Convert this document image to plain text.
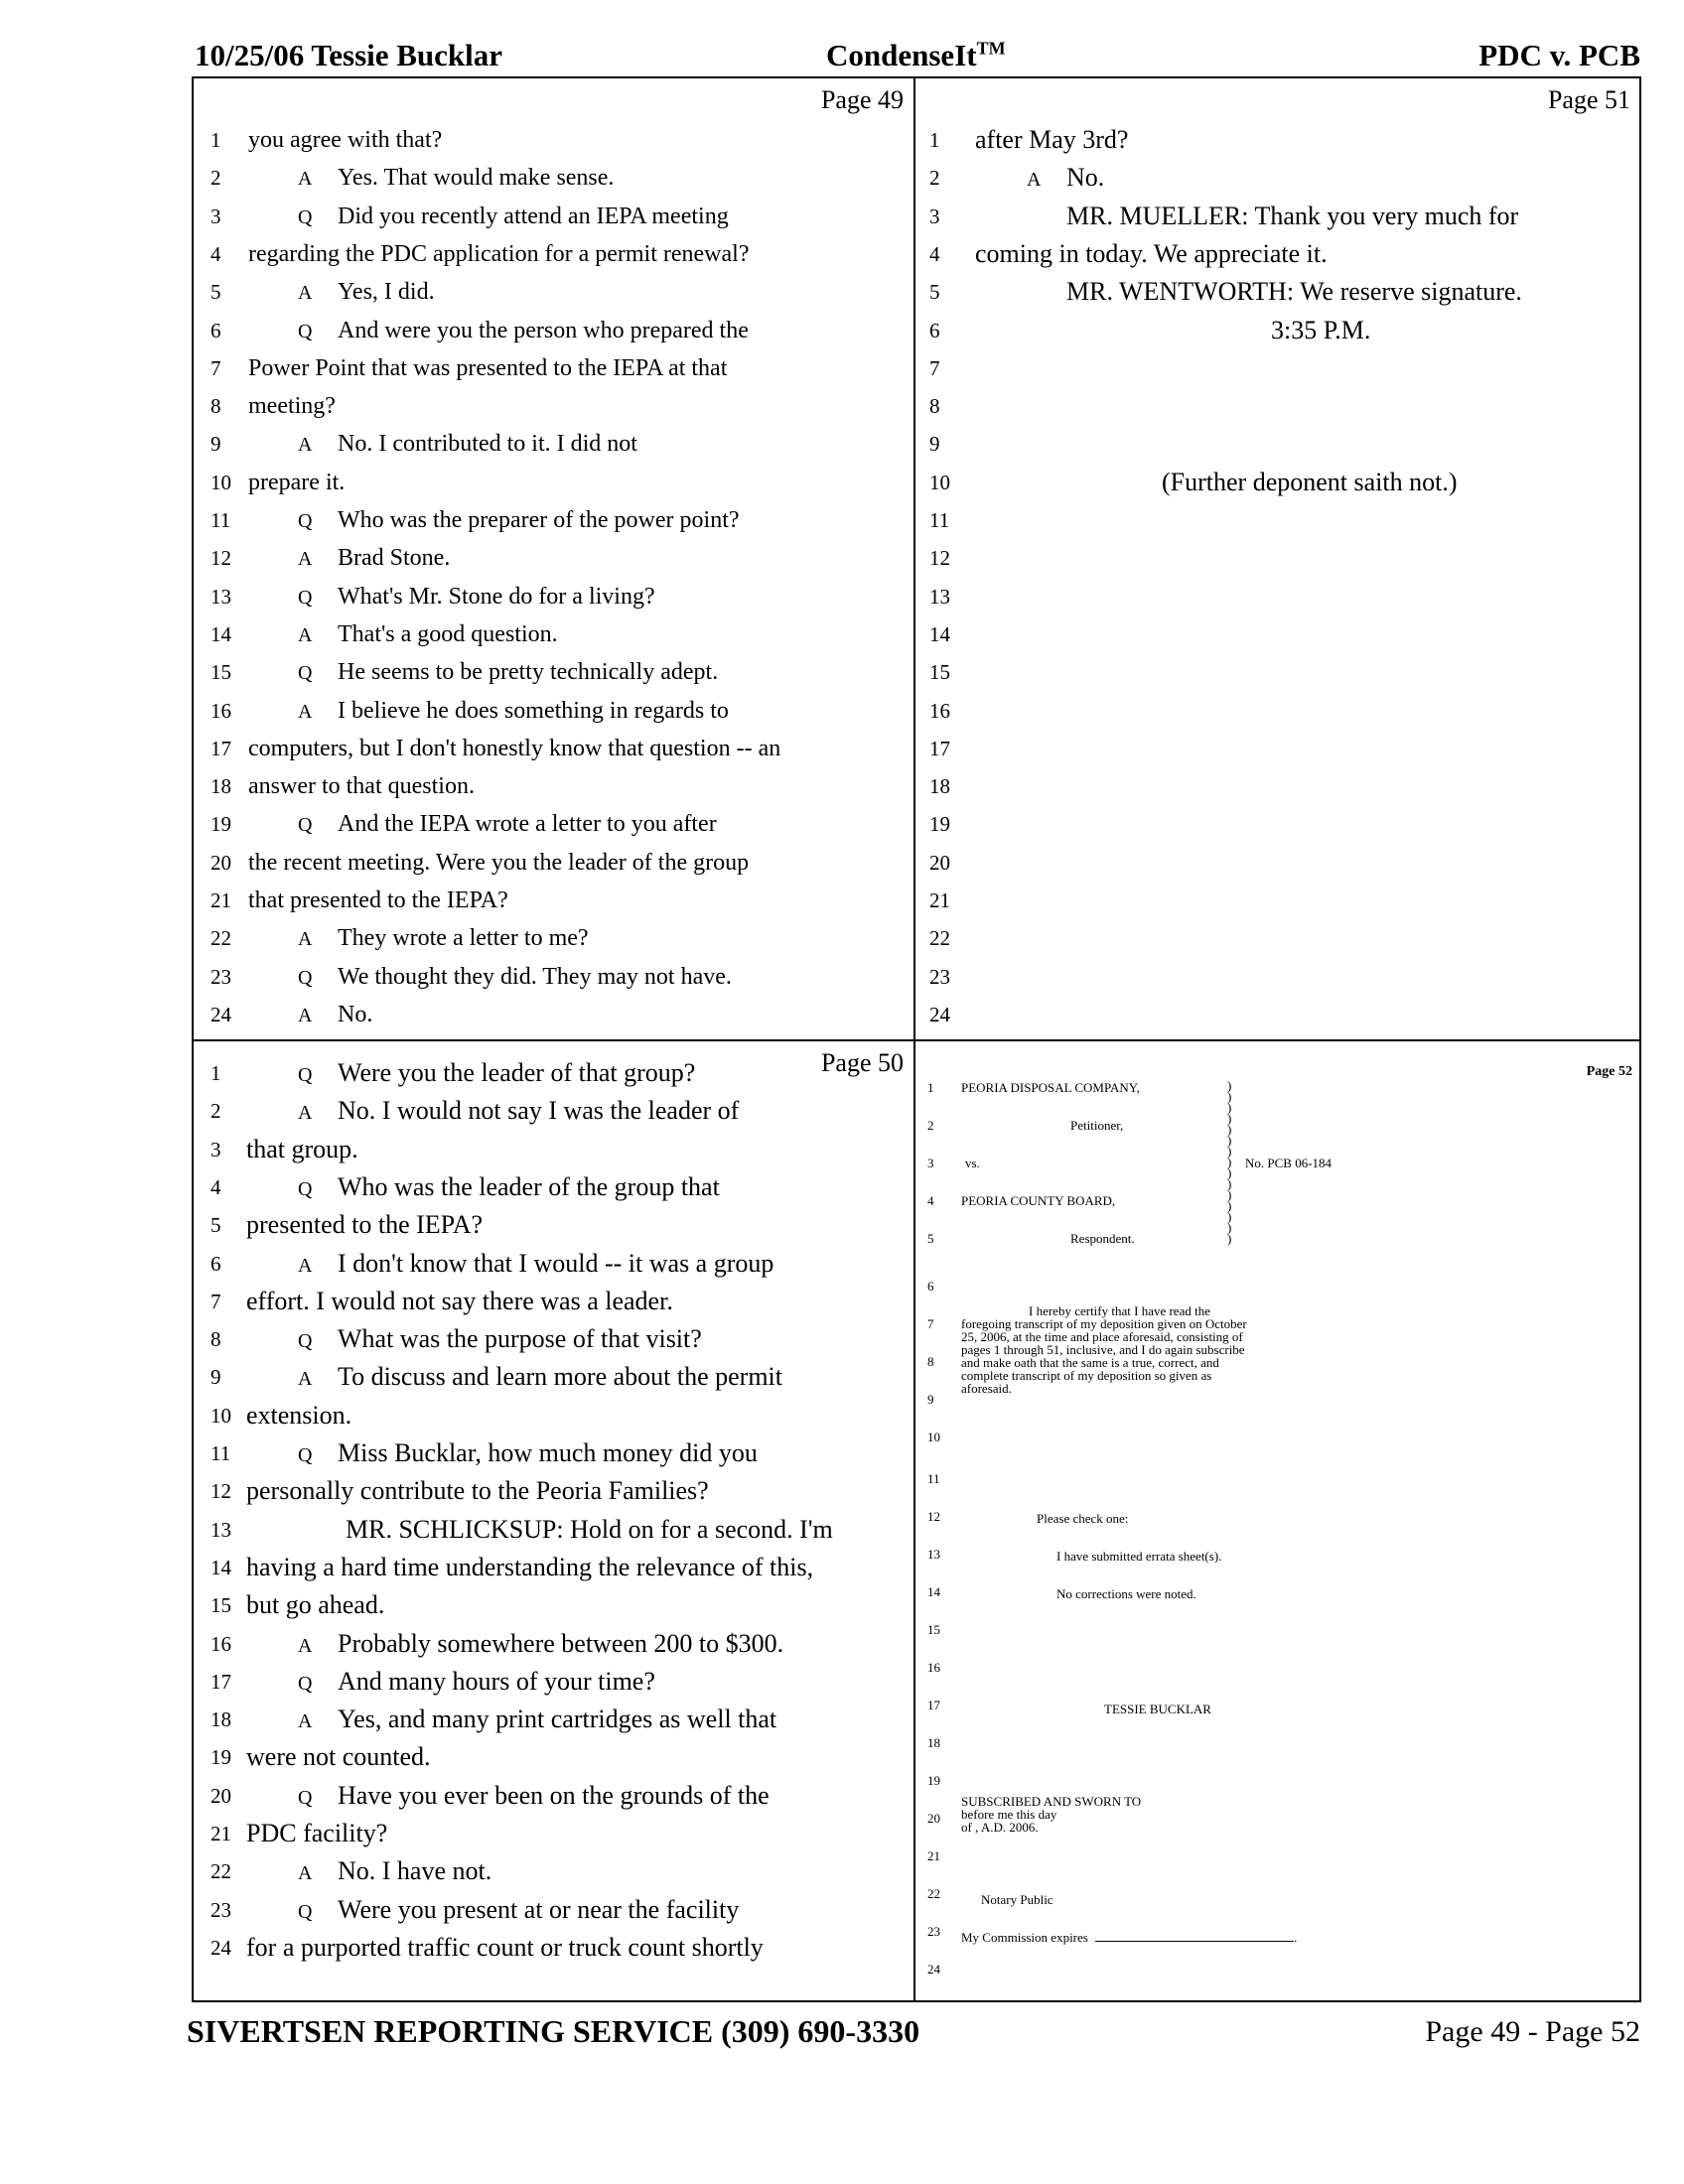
10/25/06 Tessie Bucklar	CondenseIt™	PDC v. PCB
Page 49
1	you agree with that?
2	A Yes. That would make sense.
3	Q Did you recently attend an IEPA meeting
4	regarding the PDC application for a permit renewal?
5	A Yes, I did.
6	Q And were you the person who prepared the
7	Power Point that was presented to the IEPA at that
8	meeting?
9	A No. I contributed to it. I did not
10 prepare it.
11	Q Who was the preparer of the power point?
12	A Brad Stone.
13	Q What's Mr. Stone do for a living?
14	A That's a good question.
15	Q He seems to be pretty technically adept.
16	A I believe he does something in regards to
17 computers, but I don't honestly know that question -- an
18 answer to that question.
19	Q And the IEPA wrote a letter to you after
20 the recent meeting. Were you the leader of the group
21 that presented to the IEPA?
22	A They wrote a letter to me?
23	Q We thought they did. They may not have.
24	A No.
Page 51
1	after May 3rd?
2	A No.
3	MR. MUELLER: Thank you very much for
4	coming in today. We appreciate it.
5	MR. WENTWORTH: We reserve signature.
6	3:35 P.M.
7
8
9
10	(Further deponent saith not.)
11
12
13
14
15
16
17
18
19
20
21
22
23
24
Page 50
1	Q Were you the leader of that group?
2	A No. I would not say I was the leader of
3 that group.
4	Q Who was the leader of the group that
5 presented to the IEPA?
6	A I don't know that I would -- it was a group
7 effort. I would not say there was a leader.
8	Q What was the purpose of that visit?
9	A To discuss and learn more about the permit
10 extension.
11	Q Miss Bucklar, how much money did you
12 personally contribute to the Peoria Families?
13	MR. SCHLICKSUP: Hold on for a second. I'm
14 having a hard time understanding the relevance of this,
15 but go ahead.
16	A Probably somewhere between 200 to $300.
17	Q And many hours of your time?
18	A Yes, and many print cartridges as well that
19 were not counted.
20	Q Have you ever been on the grounds of the
21 PDC facility?
22	A No. I have not.
23	Q Were you present at or near the facility
24 for a purported traffic count or truck count shortly
Page 52
1
2
3
4
5
6
7
8
9
10
11
12
13
14
15
16
17
18
19
20
21
22
23
24
PEORIA DISPOSAL COMPANY,
Petitioner,
vs.	No. PCB 06-184
PEORIA COUNTY BOARD,
Respondent.
)
)
)
)
)
)
)
)
)
)
)
)
)
)
)
I hereby certify that I have read the
foregoing transcript of my deposition given on October
25, 2006, at the time and place aforesaid, consisting of
pages 1 through 51, inclusive, and I do again subscribe
and make oath that the same is a true, correct, and
complete transcript of my deposition so given as
aforesaid.
Please check one:
I have submitted errata sheet(s).
No corrections were noted.
TESSIE BUCKLAR
SUBSCRIBED AND SWORN TO
before me this day
of , A.D. 2006.
Notary Public
My Commission expires	.
SIVERTSEN REPORTING SERVICE (309) 690-3330	Page 49 - Page 52
